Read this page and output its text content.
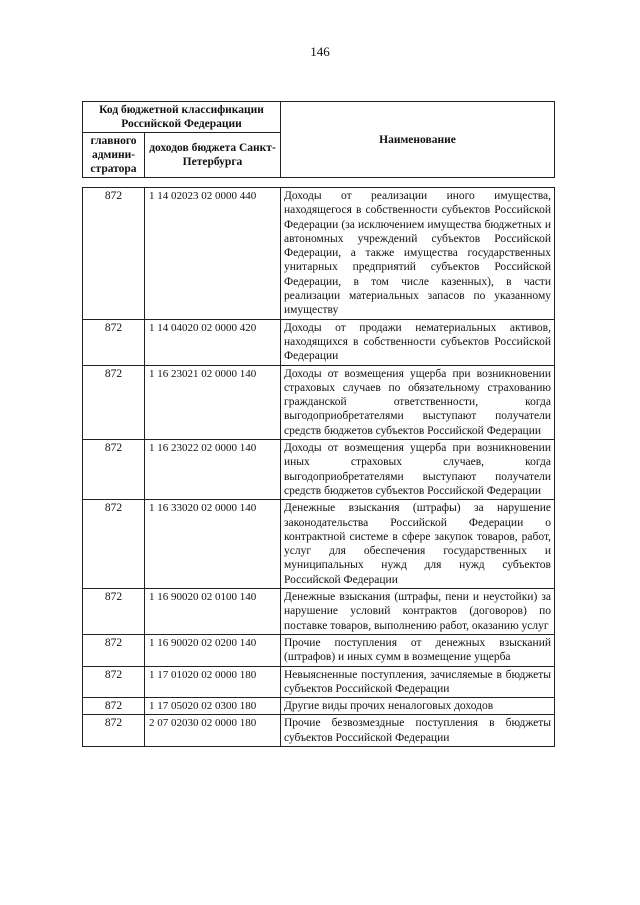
146
Код бюджетной классификации Российской Федерации		Наименование
главного админи-стратора	доходов бюджета Санкт-Петербурга	
872	1 14 02023 02 0000 440	Доходы от реализации иного имущества, находящегося в собственности субъектов Российской Федерации (за исключением имущества бюджетных и автономных учреждений субъектов Российской Федерации, а также имущества государственных унитарных предприятий субъектов Российской Федерации, в том числе казенных), в части реализации материальных запасов по указанному имуществу
872	1 14 04020 02 0000 420	Доходы от продажи нематериальных активов, находящихся в собственности субъектов Российской Федерации
872	1 16 23021 02 0000 140	Доходы от возмещения ущерба при возникновении страховых случаев по обязательному страхованию гражданской ответственности, когда выгодоприобретателями выступают получатели средств бюджетов субъектов Российской Федерации
872	1 16 23022 02 0000 140	Доходы от возмещения ущерба при возникновении иных страховых случаев, когда выгодоприобретателями выступают получатели средств бюджетов субъектов Российской Федерации
872	1 16 33020 02 0000 140	Денежные взыскания (штрафы) за нарушение законодательства Российской Федерации о контрактной системе в сфере закупок товаров, работ, услуг для обеспечения государственных и муниципальных нужд для нужд субъектов Российской Федерации
872	1 16 90020 02 0100 140	Денежные взыскания (штрафы, пени и неустойки) за нарушение условий контрактов (договоров) по поставке товаров, выполнению работ, оказанию услуг
872	1 16 90020 02 0200 140	Прочие поступления от денежных взысканий (штрафов) и иных сумм в возмещение ущерба
872	1 17 01020 02 0000 180	Невыясненные поступления, зачисляемые в бюджеты субъектов Российской Федерации
872	1 17 05020 02 0300 180	Другие виды прочих неналоговых доходов
872	2 07 02030 02 0000 180	Прочие безвозмездные поступления в бюджеты субъектов Российской Федерации
